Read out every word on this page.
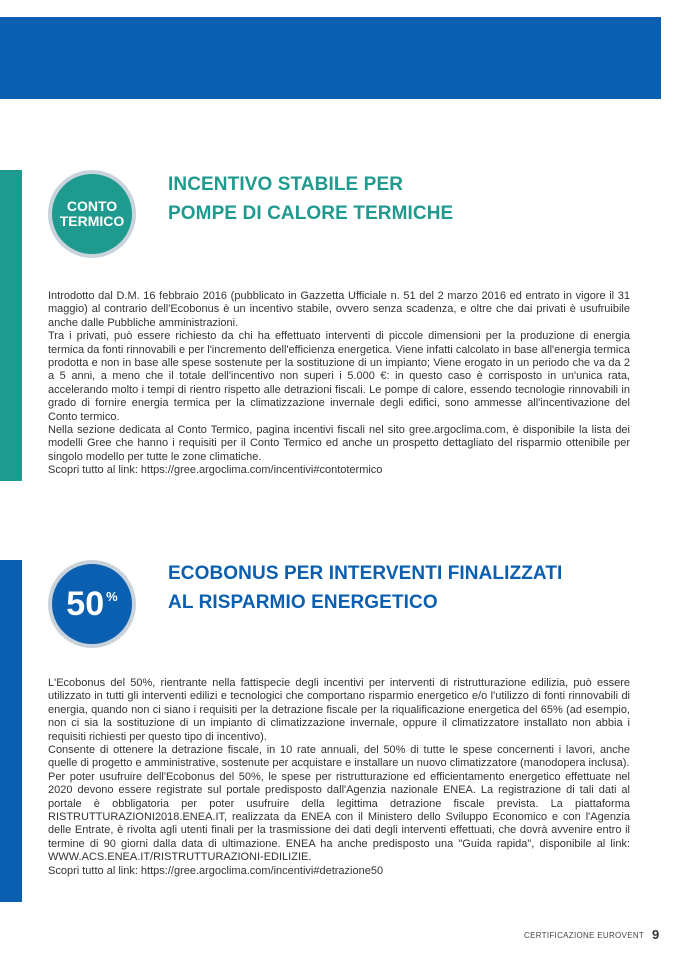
CONTO
TERMICO
INCENTIVO STABILE PER
POMPE DI CALORE TERMICHE

Introdotto dal D.M. 16 febbraio 2016 (pubblicato in Gazzetta Ufficiale n. 51 del 2 marzo 2016 ed entrato in vigore il 31 maggio) al contrario dell'Ecobonus è un incentivo stabile, ovvero senza scadenza, e oltre che dai privati è usufruibile anche dalle Pubbliche amministrazioni.

Tra i privati, può essere richiesto da chi ha effettuato interventi di piccole dimensioni per la produzione di energia termica da fonti rinnovabili e per l'incremento dell'efficienza energetica. Viene infatti calcolato in base all'energia termica prodotta e non in base alle spese sostenute per la sostituzione di un impianto; Viene erogato in un periodo che va da 2 a 5 anni, a meno che il totale dell'incentivo non superi i 5.000 €: in questo caso è corrisposto in un'unica rata, accelerando molto i tempi di rientro rispetto alle detrazioni fiscali. Le pompe di calore, essendo tecnologie rinnovabili in grado di fornire energia termica per la climatizzazione invernale degli edifici, sono ammesse all'incentivazione del Conto termico.

Nella sezione dedicata al Conto Termico, pagina incentivi fiscali nel sito gree.argoclima.com, è disponibile la lista dei modelli Gree che hanno i requisiti per il Conto Termico ed anche un prospetto dettagliato del risparmio ottenibile per singolo modello per tutte le zone climatiche.

Scopri tutto al link: https://gree.argoclima.com/incentivi#contotermico

50 %
ECOBONUS PER INTERVENTI FINALIZZATI
AL RISPARMIO ENERGETICO

L'Ecobonus del 50%, rientrante nella fattispecie degli incentivi per interventi di ristrutturazione edilizia, può essere utilizzato in tutti gli interventi edilizi e tecnologici che comportano risparmio energetico e/o l'utilizzo di fonti rinnovabili di energia, quando non ci siano i requisiti per la detrazione fiscale per la riqualificazione energetica del 65% (ad esempio, non ci sia la sostituzione di un impianto di climatizzazione invernale, oppure il climatizzatore installato non abbia i requisiti richiesti per questo tipo di incentivo).

Consente di ottenere la detrazione fiscale, in 10 rate annuali, del 50% di tutte le spese concernenti i lavori, anche quelle di progetto e amministrative, sostenute per acquistare e installare un nuovo climatizzatore (manodopera inclusa).

Per poter usufruire dell'Ecobonus del 50%, le spese per ristrutturazione ed efficientamento energetico effettuate nel 2020 devono essere registrate sul portale predisposto dall'Agenzia nazionale ENEA. La registrazione di tali dati al portale è obbligatoria per poter usufruire della legittima detrazione fiscale prevista. La piattaforma RISTRUTTURAZIONI2018.ENEA.IT, realizzata da ENEA con il Ministero dello Sviluppo Economico e con l'Agenzia delle Entrate, è rivolta agli utenti finali per la trasmissione dei dati degli interventi effettuati, che dovrà avvenire entro il termine di 90 giorni dalla data di ultimazione. ENEA ha anche predisposto una "Guida rapida", disponibile al link: WWW.ACS.ENEA.IT/RISTRUTTURAZIONI-EDILIZIE.

Scopri tutto al link: https://gree.argoclima.com/incentivi#detrazione50

CERTIFICAZIONE EUROVENT 9
